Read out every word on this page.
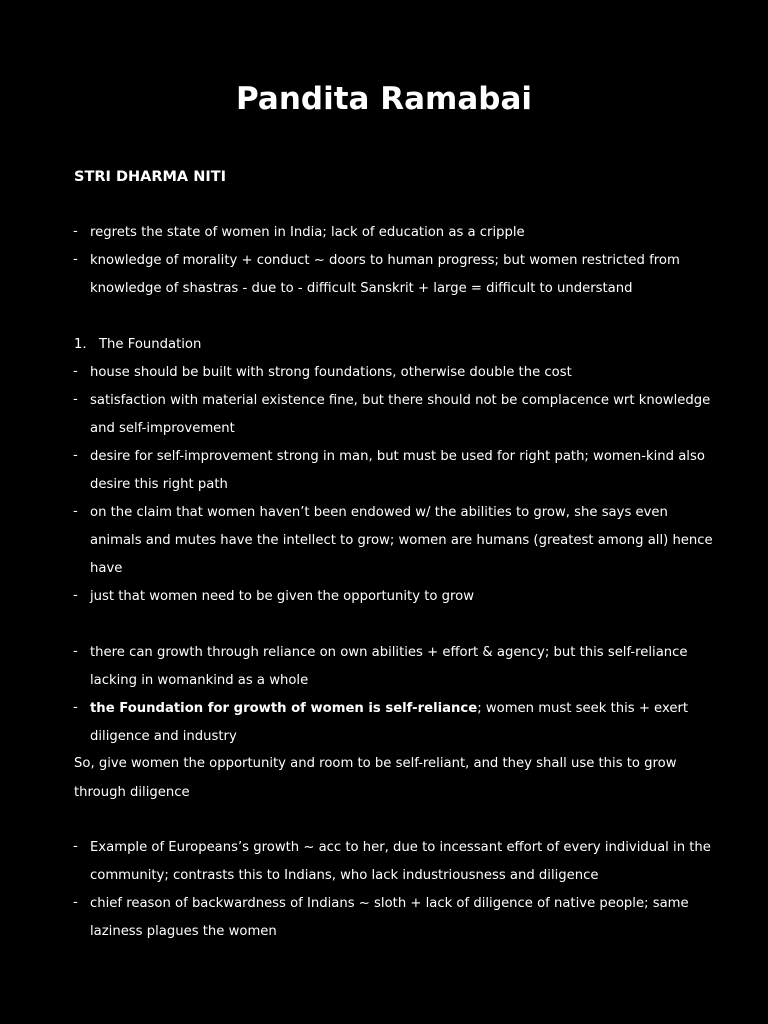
Pandita Ramabai
STRI DHARMA NITI
- regrets the state of women in India; lack of education as a cripple

- knowledge of morality + conduct ~ doors to human progress; but women restricted from

knowledge of shastras - due to - difficult Sanskrit + large = difficult to understand

1. The Foundation
- house should be built with strong foundations, otherwise double the cost

- satisfaction with material existence fine, but there should not be complacence wrt knowledge

and self-improvement

- desire for self-improvement strong in man, but must be used for right path; women-kind also

desire this right path

- on the claim that women haven’t been endowed w/ the abilities to grow, she says even

animals and mutes have the intellect to grow; women are humans (greatest among all) hence

have

- just that women need to be given the opportunity to grow

- there can growth through reliance on own abilities + effort & agency; but this self-reliance

lacking in womankind as a whole

- the Foundation for growth of women is self-reliance; women must seek this + exert

diligence and industry

So, give women the opportunity and room to be self-reliant, and they shall use this to grow

through diligence

- Example of Europeans’s growth ~ acc to her, due to incessant effort of every individual in the

community; contrasts this to Indians, who lack industriousness and diligence

- chief reason of backwardness of Indians ~ sloth + lack of diligence of native people; same

laziness plagues the women
